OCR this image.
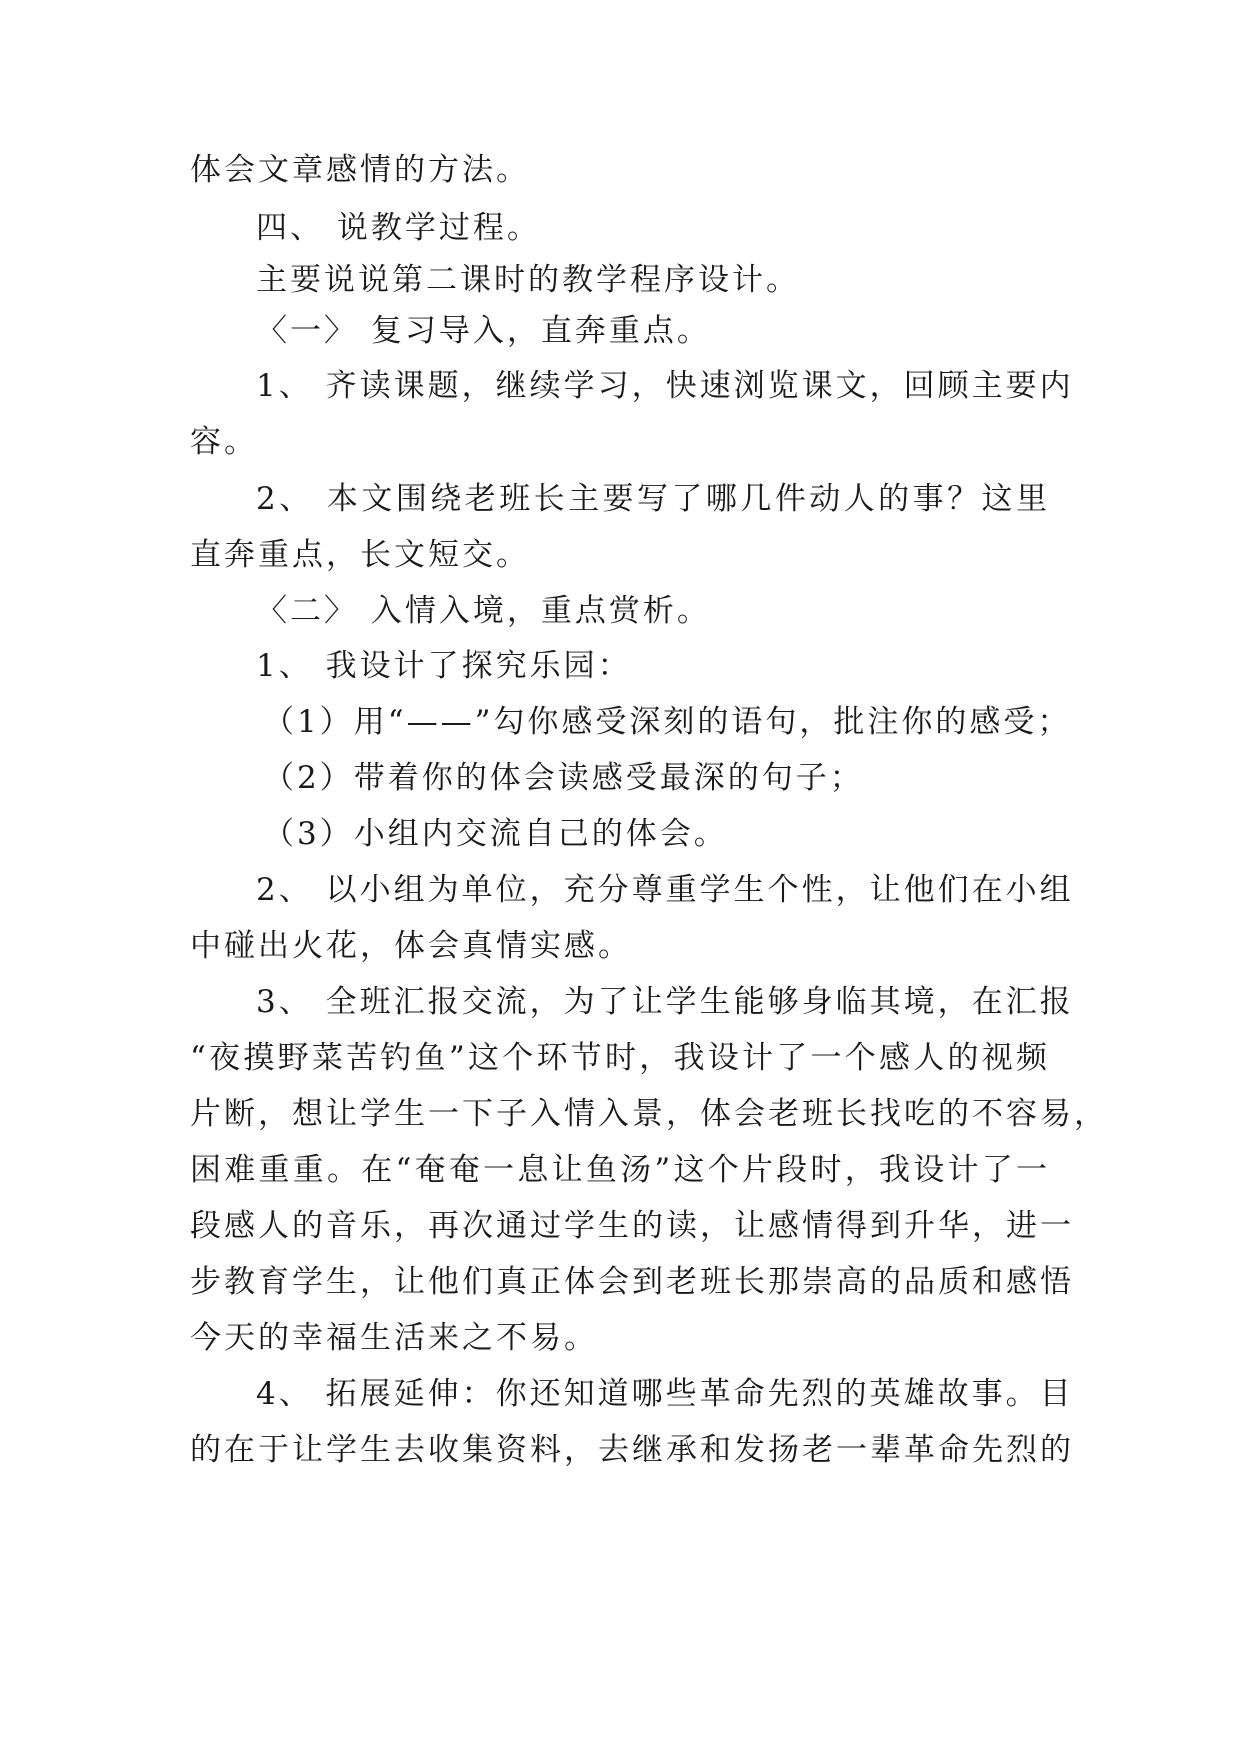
体会文章感情的方法。
四、 说教学过程。
主要说说第二课时的教学程序设计。
〈一〉 复习导入，直奔重点。
1、 齐读课题，继续学习，快速浏览课文，回顾主要内
容。
2、 本文围绕老班长主要写了哪几件动人的事？这里
直奔重点，长文短交。
〈二〉 入情入境，重点赏析。
1、 我设计了探究乐园：
（1）用“——”勾你感受深刻的语句，批注你的感受；
（2）带着你的体会读感受最深的句子；
（3）小组内交流自己的体会。
2、 以小组为单位，充分尊重学生个性，让他们在小组
中碰出火花，体会真情实感。
3、 全班汇报交流，为了让学生能够身临其境，在汇报
“夜摸野菜苦钓鱼”这个环节时，我设计了一个感人的视频
片断，想让学生一下子入情入景，体会老班长找吃的不容易，
困难重重。在“奄奄一息让鱼汤”这个片段时，我设计了一
段感人的音乐，再次通过学生的读，让感情得到升华，进一
步教育学生，让他们真正体会到老班长那崇高的品质和感悟
今天的幸福生活来之不易。
4、 拓展延伸：你还知道哪些革命先烈的英雄故事。目
的在于让学生去收集资料，去继承和发扬老一辈革命先烈的
